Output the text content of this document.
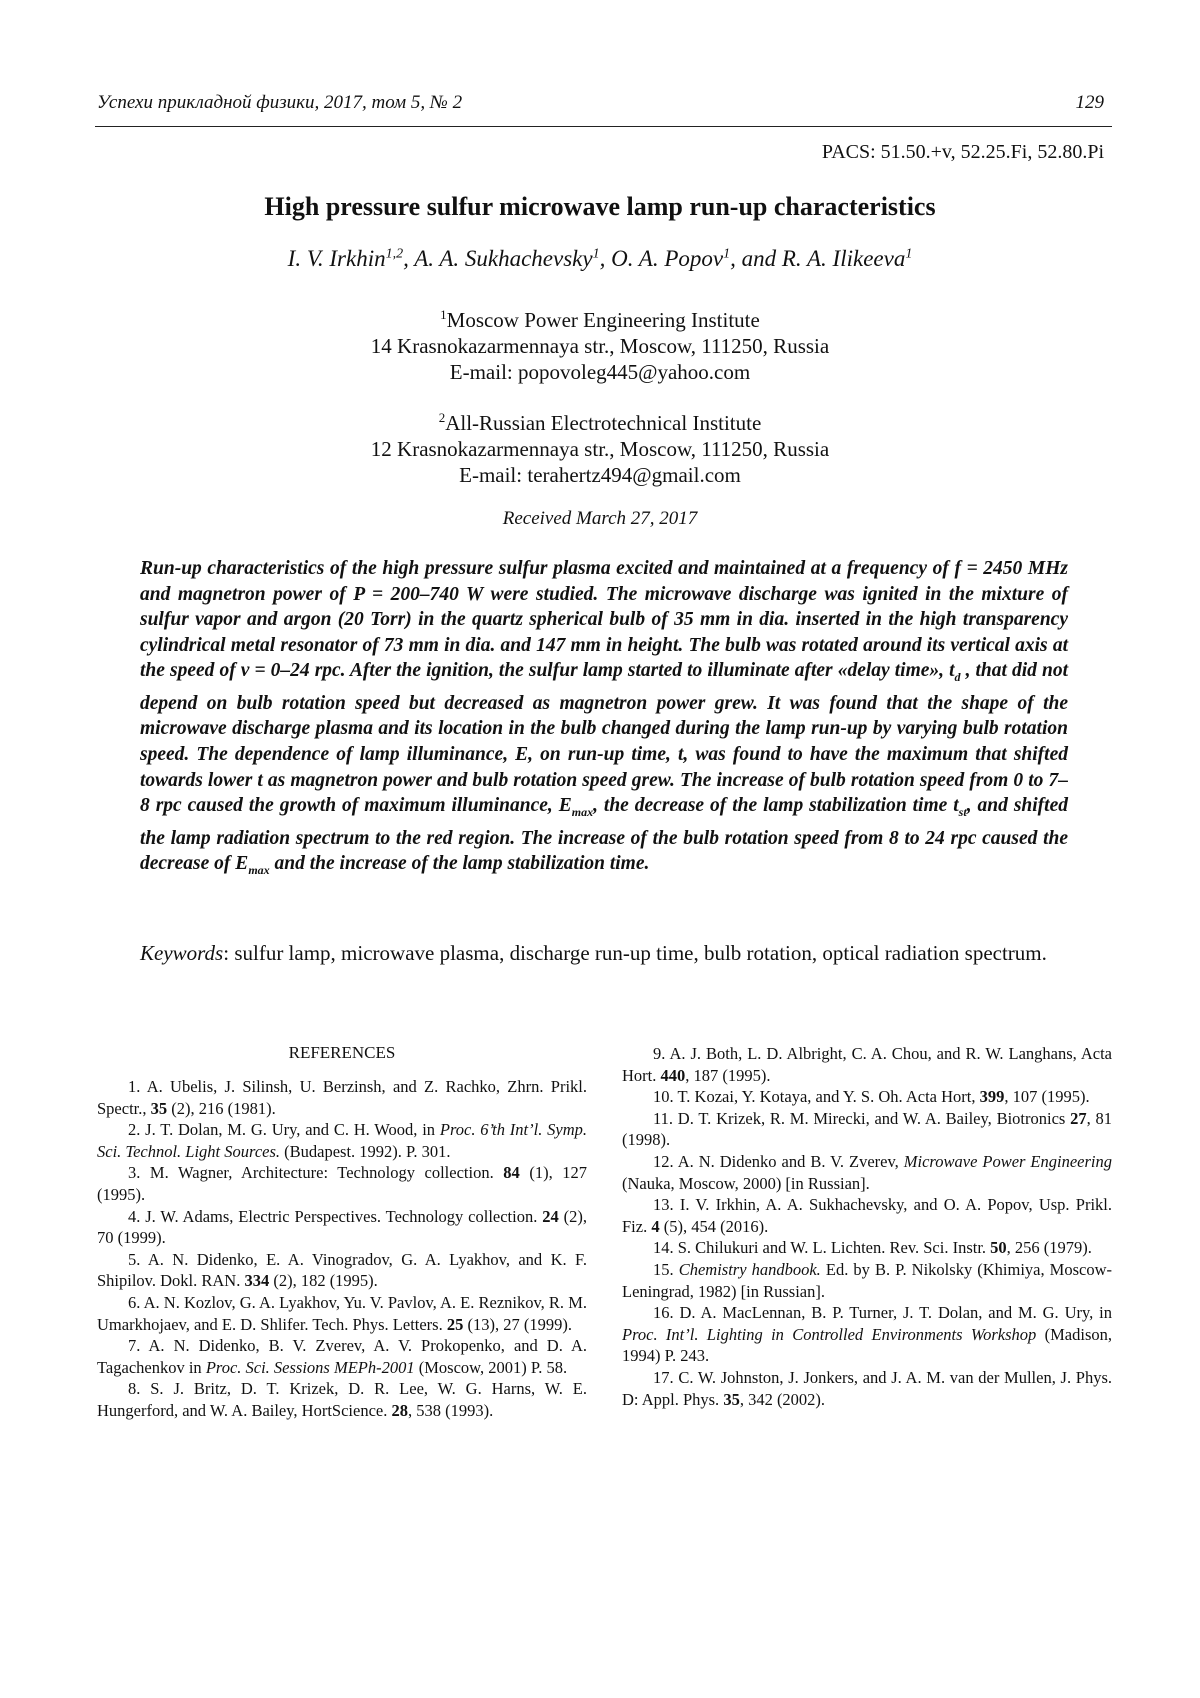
Успехи прикладной физики, 2017, том 5, № 2	129
PACS: 51.50.+v, 52.25.Fi, 52.80.Pi
High pressure sulfur microwave lamp run-up characteristics
I. V. Irkhin$^{1,2}$, A. A. Sukhachevsky$^1$, O. A. Popov$^1$, and R. A. Ilikeeva$^1$
$^1$Moscow Power Engineering Institute
14 Krasnokazarmennaya str., Moscow, 111250, Russia
E-mail: popovoleg445@yahoo.com
$^2$All-Russian Electrotechnical Institute
12 Krasnokazarmennaya str., Moscow, 111250, Russia
E-mail: terahertz494@gmail.com
Received March 27, 2017
Run-up characteristics of the high pressure sulfur plasma excited and maintained at a frequency of f = 2450 MHz and magnetron power of P = 200–740 W were studied. The microwave discharge was ignited in the mixture of sulfur vapor and argon (20 Torr) in the quartz spherical bulb of 35 mm in dia. inserted in the high transparency cylindrical metal resonator of 73 mm in dia. and 147 mm in height. The bulb was rotated around its vertical axis at the speed of v = 0–24 rpc. After the ignition, the sulfur lamp started to illuminate after «delay time», $t_d$ , that did not depend on bulb rotation speed but decreased as magnetron power grew. It was found that the shape of the microwave discharge plasma and its location in the bulb changed during the lamp run-up by varying bulb rotation speed. The dependence of lamp illuminance, E, on run-up time, t, was found to have the maximum that shifted towards lower t as magnetron power and bulb rotation speed grew. The increase of bulb rotation speed from 0 to 7–8 rpc caused the growth of maximum illuminance, $E_{max}$, the decrease of the lamp stabilization time $t_{st}$, and shifted the lamp radiation spectrum to the red region. The increase of the bulb rotation speed from 8 to 24 rpc caused the decrease of $E_{max}$ and the increase of the lamp stabilization time.
Keywords: sulfur lamp, microwave plasma, discharge run-up time, bulb rotation, optical radiation spectrum.
REFERENCES

1. A. Ubelis, J. Silinsh, U. Berzinsh, and Z. Rachko, Zhrn. Prikl. Spectr., 35 (2), 216 (1981).

2. J. T. Dolan, M. G. Ury, and C. H. Wood, in Proc. 6’th Int’l. Symp. Sci. Technol. Light Sources. (Budapest. 1992). P. 301.

3. M. Wagner, Architecture: Technology collection. 84 (1), 127 (1995).

4. J. W. Adams, Electric Perspectives. Technology collection. 24 (2), 70 (1999).

5. A. N. Didenko, E. A. Vinogradov, G. A. Lyakhov, and K. F. Shipilov. Dokl. RAN. 334 (2), 182 (1995).

6. A. N. Kozlov, G. A. Lyakhov, Yu. V. Pavlov, A. E. Reznikov, R. M. Umarkhojaev, and E. D. Shlifer. Tech. Phys. Letters. 25 (13), 27 (1999).

7. A. N. Didenko, B. V. Zverev, A. V. Prokopenko, and D. A. Tagachenkov in Proc. Sci. Sessions MEPh-2001 (Moscow, 2001) P. 58.

8. S. J. Britz, D. T. Krizek, D. R. Lee, W. G. Harns, W. E. Hungerford, and W. A. Bailey, HortScience. 28, 538 (1993).

9. A. J. Both, L. D. Albright, C. A. Chou, and R. W. Langhans, Acta Hort. 440, 187 (1995).

10. T. Kozai, Y. Kotaya, and Y. S. Oh. Acta Hort, 399, 107 (1995).

11. D. T. Krizek, R. M. Mirecki, and W. A. Bailey, Biotronics 27, 81 (1998).

12. A. N. Didenko and B. V. Zverev, Microwave Power Engineering (Nauka, Moscow, 2000) [in Russian].

13. I. V. Irkhin, A. A. Sukhachevsky, and O. A. Popov, Usp. Prikl. Fiz. 4 (5), 454 (2016).

14. S. Chilukuri and W. L. Lichten. Rev. Sci. Instr. 50, 256 (1979).

15. Chemistry handbook. Ed. by B. P. Nikolsky (Khimiya, Moscow-Leningrad, 1982) [in Russian].

16. D. A. MacLennan, B. P. Turner, J. T. Dolan, and M. G. Ury, in Proc. Int’l. Lighting in Controlled Environments Workshop (Madison, 1994) P. 243.

17. C. W. Johnston, J. Jonkers, and J. A. M. van der Mullen, J. Phys. D: Appl. Phys. 35, 342 (2002).
